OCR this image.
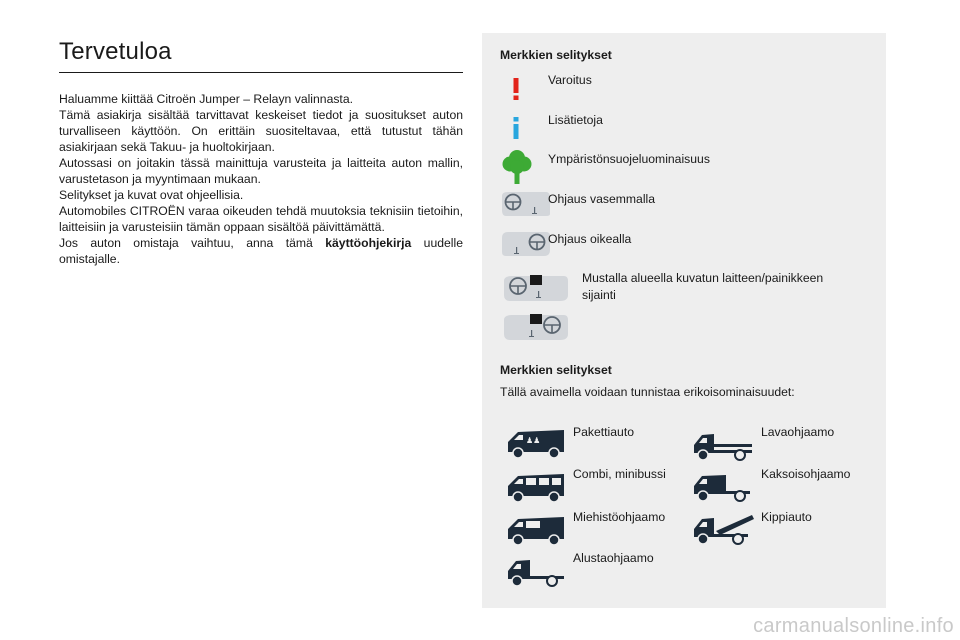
Tervetuloa

Haluamme kiittää Citroën Jumper – Relayn valinnasta.

Tämä asiakirja sisältää tarvittavat keskeiset tiedot ja suositukset auton turvalliseen käyttöön. On erittäin suositeltavaa, että tutustut tähän asiakirjaan sekä Takuu- ja huoltokirjaan.

Autossasi on joitakin tässä mainittuja varusteita ja laitteita auton mallin, varustetason ja myyntimaan mukaan.

Selitykset ja kuvat ovat ohjeellisia.

Automobiles CITROËN varaa oikeuden tehdä muutoksia teknisiin tietoihin, laitteisiin ja varusteisiin tämän oppaan sisältöä päivittämättä.

Jos auton omistaja vaihtuu, anna tämä käyttöohjekirja uudelle omistajalle.

Merkkien selitykset
Varoitus
Lisätietoja
Ympäristönsuojeluominaisuus
Ohjaus vasemmalla
Ohjaus oikealla
Mustalla alueella kuvatun laitteen/painikkeen sijainti
Merkkien selitykset
Tällä avaimella voidaan tunnistaa erikoisominaisuudet:
♟♟
Pakettiauto
Combi, minibussi
Miehistöohjaamo
Alustaohjaamo
Lavaohjaamo
Kaksoisohjaamo
Kippiauto
carmanualsonline.info
